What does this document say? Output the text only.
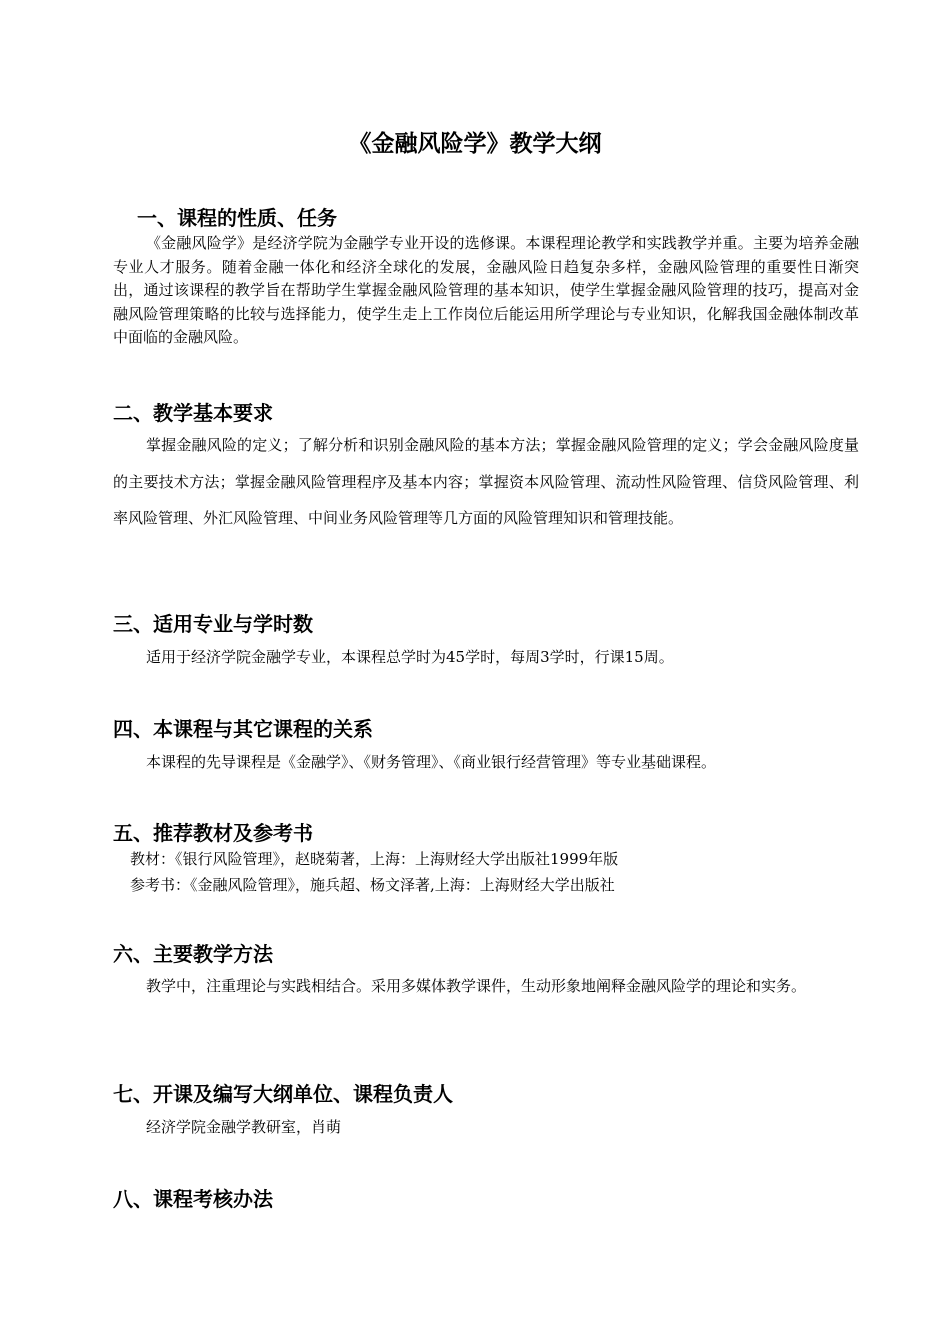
《金融风险学》教学大纲
一、课程的性质、任务
《金融风险学》是经济学院为金融学专业开设的选修课。本课程理论教学和实践教学并重。主要为培养金融专业人才服务。随着金融一体化和经济全球化的发展，金融风险日趋复杂多样，金融风险管理的重要性日渐突出，通过该课程的教学旨在帮助学生掌握金融风险管理的基本知识，使学生掌握金融风险管理的技巧，提高对金融风险管理策略的比较与选择能力，使学生走上工作岗位后能运用所学理论与专业知识，化解我国金融体制改革中面临的金融风险。
二、教学基本要求
掌握金融风险的定义；了解分析和识别金融风险的基本方法；掌握金融风险管理的定义；学会金融风险度量的主要技术方法；掌握金融风险管理程序及基本内容；掌握资本风险管理、流动性风险管理、信贷风险管理、利率风险管理、外汇风险管理、中间业务风险管理等几方面的风险管理知识和管理技能。
三、适用专业与学时数
适用于经济学院金融学专业，本课程总学时为45学时，每周3学时，行课15周。
四、本课程与其它课程的关系
本课程的先导课程是《金融学》、《财务管理》、《商业银行经营管理》等专业基础课程。
五、推荐教材及参考书
教材：《银行风险管理》，赵晓菊著，上海：上海财经大学出版社1999年版
参考书：《金融风险管理》，施兵超、杨文泽著,上海：上海财经大学出版社
六、主要教学方法
教学中，注重理论与实践相结合。采用多媒体教学课件，生动形象地阐释金融风险学的理论和实务。
七、开课及编写大纲单位、课程负责人
经济学院金融学教研室，肖萌
八、课程考核办法
